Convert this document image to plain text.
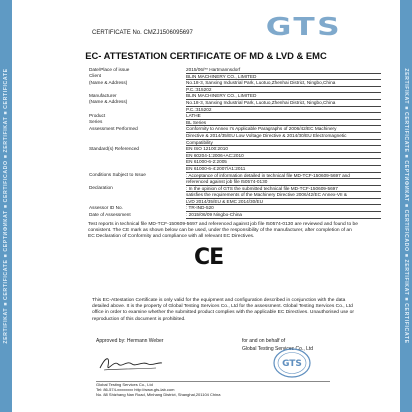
ZERTIFIKAT ■ CERTIFICATE ■ СЕРТИФИКАТ ■ CERTIFICADO ■ ZERTIFIKAT ■ CERTIFICATE	ZERTIFIKAT ■ CERTIFICATE ■ СЕРТИФИКАТ ■ CERTIFICADO ■ ZERTIFIKAT ■ CERTIFICATE
CERTIFICATE No. CMZJ1506095697	GTS
EC- ATTESTATION CERTIFICATE OF MD & LVD & EMC
Date/Place of issue	2015/06/** Hartmannsdorf
Client	BLIN MACHINERY CO., LIMITED
(Name & Address)	No.18-3, Sanxing Industrial Park, Luotuo,Zhenhai District, Ningbo,China
	P.C.:315202
Manufacturer	BLIN MACHINERY CO., LIMITED
(Name & Address)	No.18-3, Sanxing Industrial Park, Luotuo,Zhenhai District, Ningbo,China
	P.C.:315202
Product	LATHE
Series	BL Series
Assessment Performed	Conformity to Annex I's Applicable Paragraphs of 2006/42/EC Machinery
	Directive & 2014/35/EU Low Voltage Directive & 2014/30/EU Electromagnetic
	Compatibility
Standard(s) Referenced	EN ISO 12100:2010
	EN 60204-1:2006+AC:2010
	EN 61000-6-2:2005
	EN 61000-6-4:2007/A1:2011
Conditions Subject to Issue	: Acceptance of information detailed in technical file MD-TCF-150609-5697 and
	referenced against job file I50574-0130
Declaration	: In the opinion of GTS the submitted technical file MD-TCF-150609-5697
	satisfies the requirements of the Machinery Directive 2006/42/EC Annex-VII &
	LVD 2014/35/EU & EMC 2014/30/EU
Assessor ID No.	: TR-IND-520
Date of Assessment	: 2015/06/09 Ningbo-China
Test reports in technical file MD-TCF-150609-5697 and referenced against job file I50574-0130 are reviewed and found to be consistent. The CE mark as shown below can be used, under the responsibility of the manufacturer, after completion of an EC Declaration of Conformity and compliance with all relevant EC Directives.
CE
This EC-Attestation Certificate is only valid for the equipment and configuration described in conjunction with the data detailed above. It is the property of Global Testing Services Co., Ltd for the assessment. Global Testing Services Co., Ltd office in order to examine whether the submitted product complies with the applicable EC Directives. Unauthorised use or reproduction of this document is prohibited.
Approved by: Hermann Weber	for and on behalf of
Global Testing Services Co., Ltd
GTS
Global Testing Services Co., Ltd
Tel: 86-574-xxxxxxxx http://www.gts-lab.com
No. 88 Shizhang Nan Road, Minhang District, Shanghai,201104 China
